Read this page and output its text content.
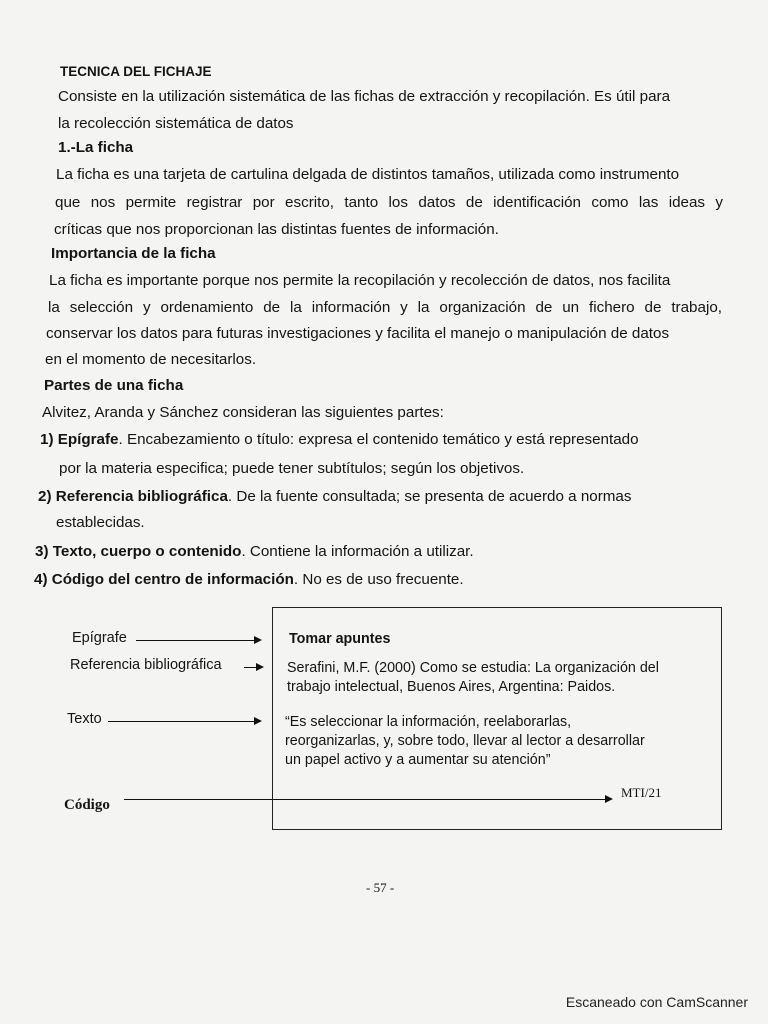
TECNICA DEL FICHAJE
Consiste en la utilización sistemática de las fichas de extracción y recopilación. Es útil para
la recolección sistemática de datos
1.-La ficha
La ficha es una tarjeta de cartulina delgada de distintos tamaños, utilizada como instrumento
que nos permite registrar por escrito, tanto los datos de identificación como las ideas y
críticas que nos proporcionan las distintas fuentes de información.
Importancia de la ficha
La ficha es importante porque nos permite la recopilación y recolección de datos, nos facilita
la selección y ordenamiento de la información y la organización de un fichero de trabajo,
conservar los datos para futuras investigaciones y facilita el manejo o manipulación de datos
en el momento de necesitarlos.
Partes de una ficha
Alvitez, Aranda y Sánchez consideran las siguientes partes:
1) Epígrafe. Encabezamiento o título: expresa el contenido temático y está representado
por la materia especifica; puede tener subtítulos; según los objetivos.
2) Referencia bibliográfica. De la fuente consultada; se presenta de acuerdo a normas
establecidas.
3) Texto, cuerpo o contenido. Contiene la información a utilizar.
4) Código del centro de información. No es de uso frecuente.
Epígrafe
Referencia bibliográfica
Texto
Código
Tomar apuntes
Serafini, M.F. (2000) Como se estudia: La organización del
trabajo intelectual, Buenos Aires, Argentina: Paidos.
“Es seleccionar la información, reelaborarlas,
reorganizarlas, y, sobre todo, llevar al lector a desarrollar
un papel activo y a aumentar su atención”
MTI/21
- 57 -
Escaneado con CamScanner
